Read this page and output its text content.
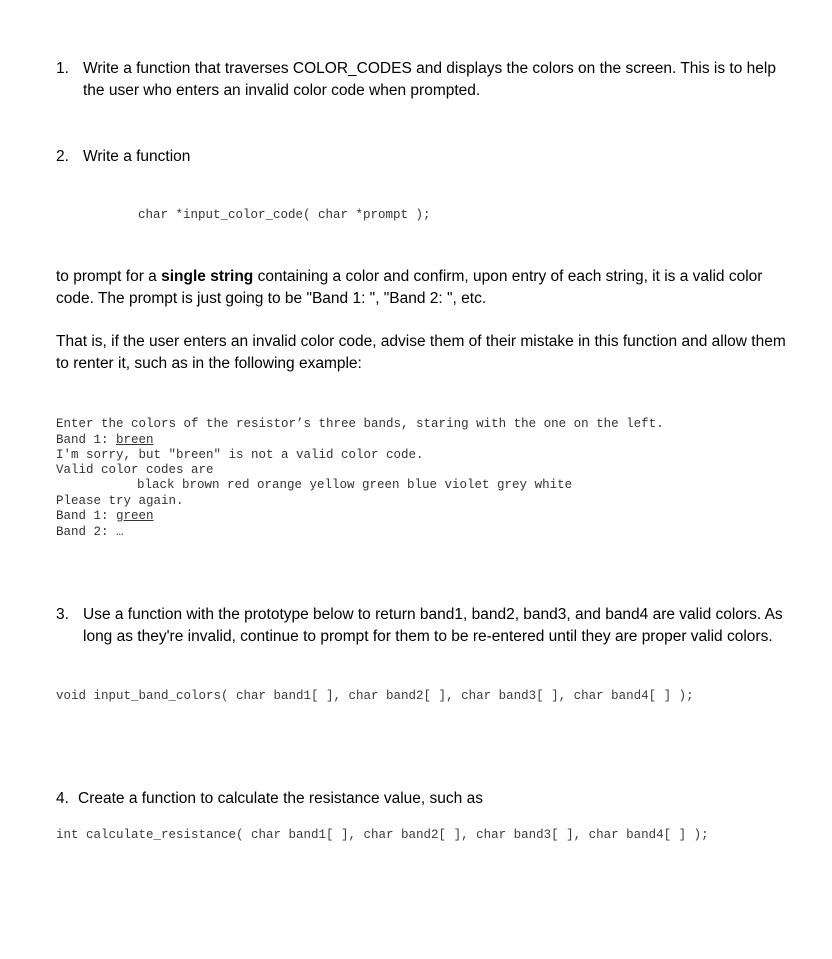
1. Write a function that traverses COLOR_CODES and displays the colors on the screen. This is to help the user who enters an invalid color code when prompted.
2. Write a function
char *input_color_code( char *prompt );
to prompt for a single string containing a color and confirm, upon entry of each string, it is a valid color code. The prompt is just going to be "Band 1: ", "Band 2: ", etc.
That is, if the user enters an invalid color code, advise them of their mistake in this function and allow them to renter it, such as in the following example:
Enter the colors of the resistor’s three bands, staring with the one on the left.
Band 1: breen
I'm sorry, but "breen" is not a valid color code.
Valid color codes are
black brown red orange yellow green blue violet grey white
Please try again.
Band 1: green
Band 2: …
3. Use a function with the prototype below to return band1, band2, band3, and band4 are valid colors. As long as they're invalid, continue to prompt for them to be re-entered until they are proper valid colors.
void input_band_colors( char band1[ ], char band2[ ], char band3[ ], char band4[ ] );
4. Create a function to calculate the resistance value, such as
int calculate_resistance( char band1[ ], char band2[ ], char band3[ ], char band4[ ] );
